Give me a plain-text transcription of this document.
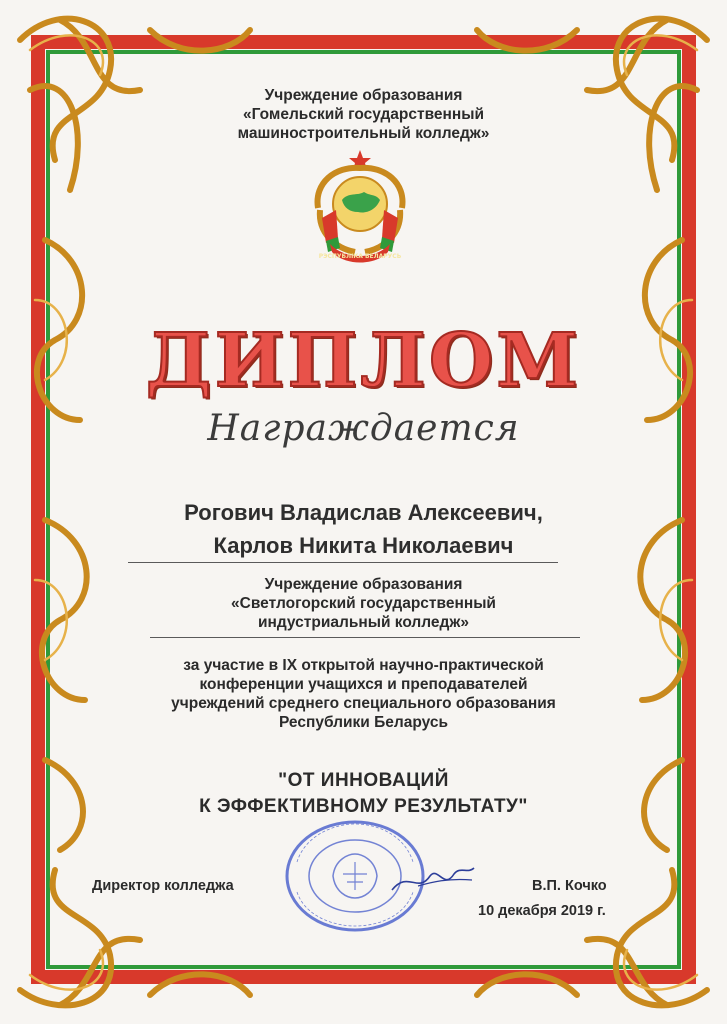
Учреждение образования
«Гомельский государственный
машиностроительный колледж»
РЭСПУБЛІКА БЕЛАРУСЬ
ДИПЛОМ
Награждается
Рогович Владислав Алексеевич,
Карлов Никита Николаевич
Учреждение образования
«Светлогорский государственный
индустриальный колледж»
за участие в IX открытой научно-практической
конференции учащихся и преподавателей
учреждений среднего специального образования
Республики Беларусь
"ОТ ИННОВАЦИЙ
К ЭФФЕКТИВНОМУ РЕЗУЛЬТАТУ"
Директор колледжа	В.П. Кочко
10 декабря 2019 г.
